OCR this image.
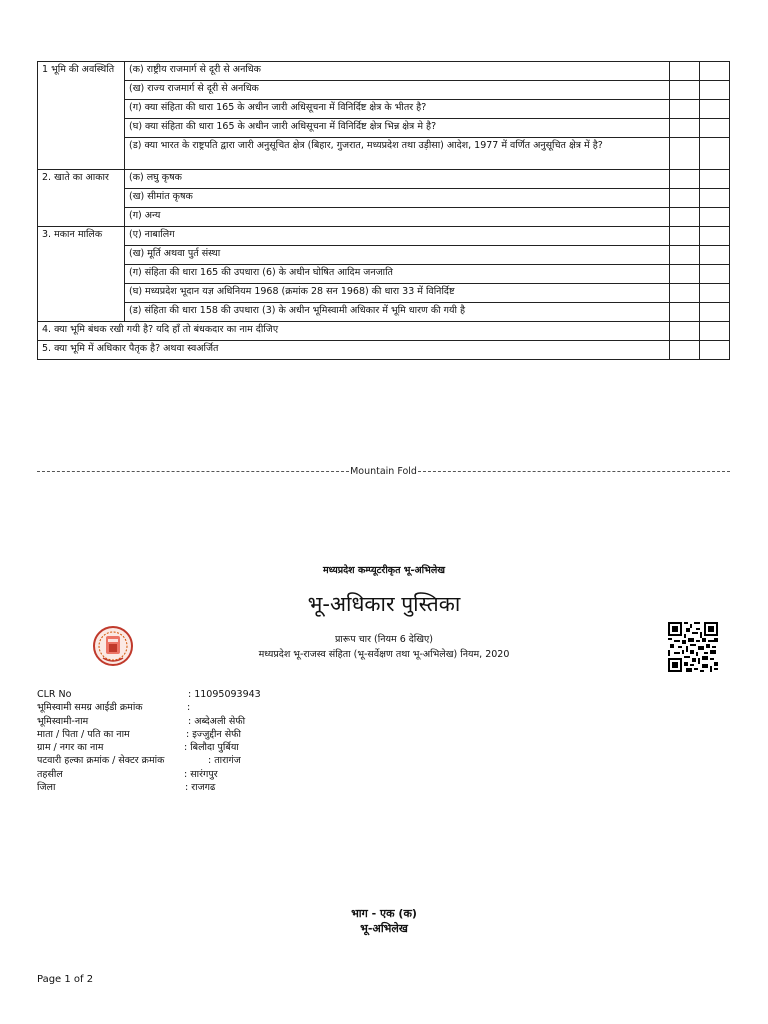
1 भूमि की अवस्थिति	(क) राष्ट्रीय राजमार्ग से दूरी से अनधिक		
	(ख) राज्य राजमार्ग से दूरी से अनधिक		
	(ग) क्या संहिता की धारा 165 के अधीन जारी अधिसूचना में विनिर्दिष्ट क्षेत्र के भीतर है?		
	(घ) क्या संहिता की धारा 165 के अधीन जारी अधिसूचना में विनिर्दिष्ट क्षेत्र भिन्न क्षेत्र मे है?		
	(ड) क्या भारत के राष्ट्रपति द्वारा जारी अनुसूचित क्षेत्र (बिहार, गुजरात, मध्यप्रदेश तथा उड़ीसा) आदेश, 1977 में वर्णित अनुसूचित क्षेत्र में है?		
2. खाते का आकार	(क) लघु कृषक		
	(ख) सीमांत कृषक		
	(ग) अन्य		
3. मकान मालिक	(ए) नाबालिग		
	(ख) मूर्ति अथवा पुर्त संस्था		
	(ग) संहिता की धारा 165 की उपधारा (6) के अधीन घोषित आदिम जनजाति		
	(घ) मध्यप्रदेश भूदान यज्ञ अधिनियम 1968 (क्रमांक 28 सन 1968) की धारा 33 में विनिर्दिष्ट		
	(ड) संहिता की धारा 158 की उपधारा (3) के अधीन भूमिस्वामी अधिकार में भूमि धारण की गयी है		
4. क्या भूमि बंधक रखी गयी है? यदि हाँ तो बंधकदार का नाम दीजिए			
5. क्या भूमि में अधिकार पैतृक है? अथवा स्वअर्जित			
Mountain Fold
मध्यप्रदेश कम्प्यूटरीकृत भू-अभिलेख
भू-अधिकार पुस्तिका
प्रारूप चार (नियम 6 देखिए)
मध्यप्रदेश भू-राजस्व संहिता (भू-सर्वेक्षण तथा भू-अभिलेख) नियम, 2020
CLR No	: 11095093943
भूमिस्वामी समग्र आईडी क्रमांक	:
भूमिस्वामी-नाम	: अब्देअली सेफी
माता / पिता / पति का नाम	: इज्जुद्दीन सेफी
ग्राम / नगर का नाम	: बिलौदा पुर्बिया
पटवारी हल्का क्रमांक / सेक्टर क्रमांक	: तारागंज
तहसील	: सारंगपुर
जिला	: राजगढ
भाग - एक (क)
भू-अभिलेख
Page 1 of 2
